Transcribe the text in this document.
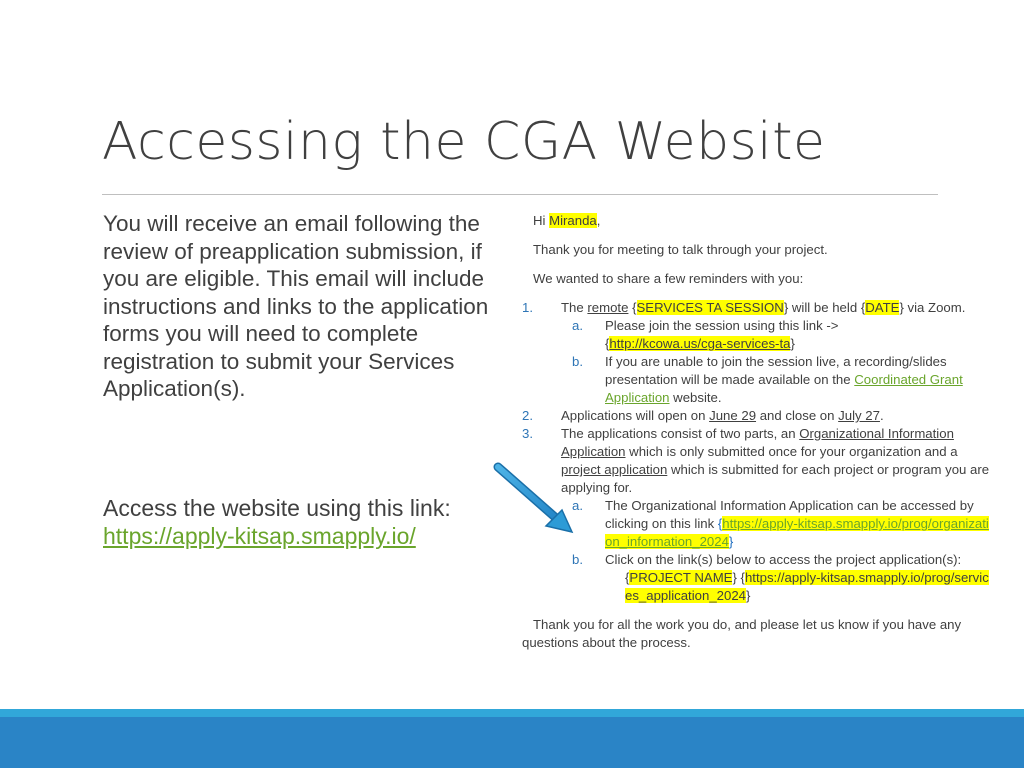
Accessing the CGA Website

You will receive an email following the review of preapplication submission, if you are eligible. This email will include instructions and links to the application forms you will need to complete registration to submit your Services Application(s).

Access the website using this link:
https://apply-kitsap.smapply.io/
Hi Miranda,
Thank you for meeting to talk through your project.
We wanted to share a few reminders with you:
1. The remote {SERVICES TA SESSION} will be held {DATE} via Zoom.
a. Please join the session using this link ->
{http://kcowa.us/cga-services-ta}
b. If you are unable to join the session live, a recording/slides presentation will be made available on the Coordinated Grant Application website.
2. Applications will open on June 29 and close on July 27.
3. The applications consist of two parts, an Organizational Information Application which is only submitted once for your organization and a project application which is submitted for each project or program you are applying for.
a. The Organizational Information Application can be accessed by clicking on this link {https://apply-kitsap.smapply.io/prog/organization_information_2024}
b. Click on the link(s) below to access the project application(s):
{PROJECT NAME} {https://apply-kitsap.smapply.io/prog/services_application_2024}
Thank you for all the work you do, and please let us know if you have any questions about the process.
